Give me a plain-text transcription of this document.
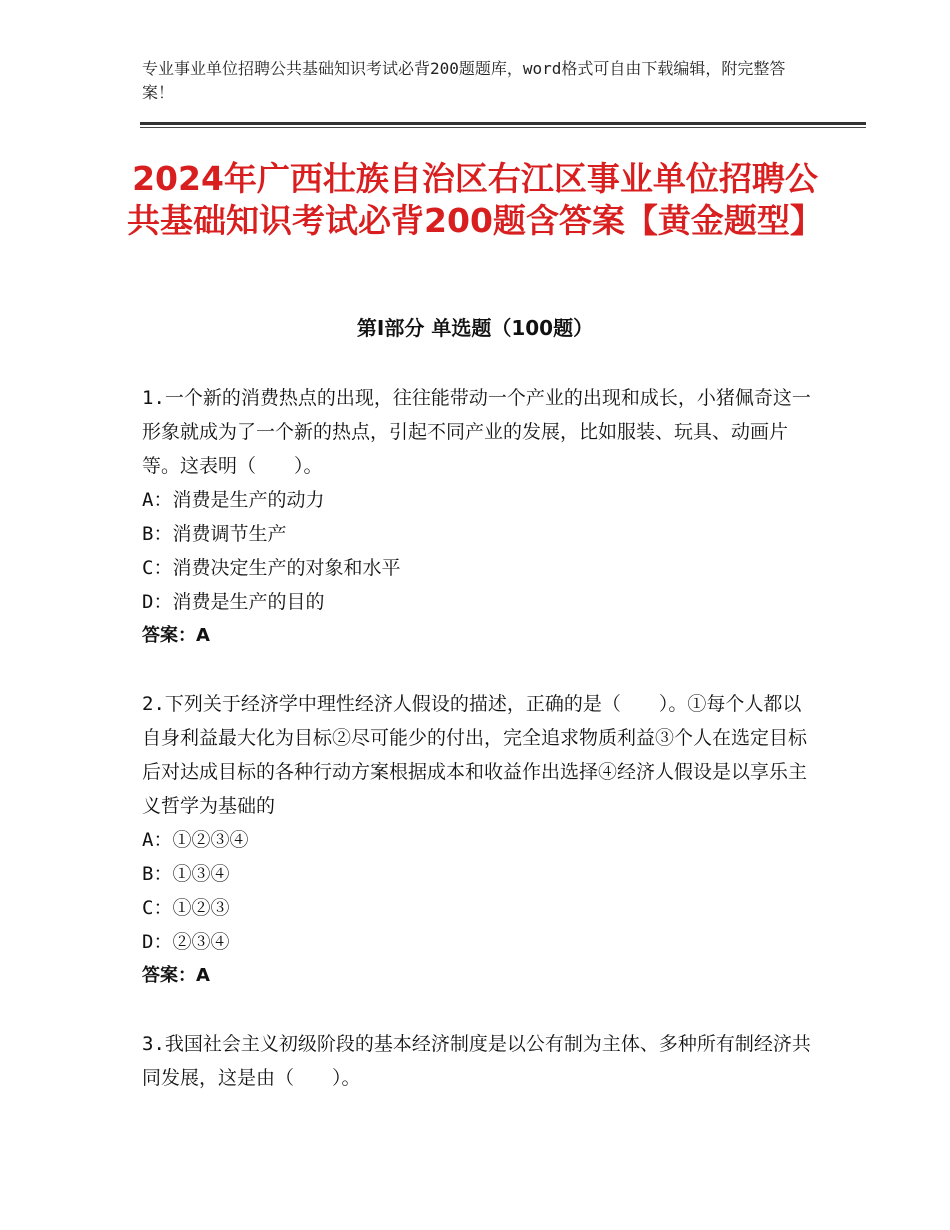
专业事业单位招聘公共基础知识考试必背200题题库，word格式可自由下载编辑，附完整答案！
2024年广西壮族自治区右江区事业单位招聘公共基础知识考试必背200题含答案【黄金题型】
第Ⅰ部分 单选题（100题）

1.一个新的消费热点的出现，往往能带动一个产业的出现和成长，小猪佩奇这一形象就成为了一个新的热点，引起不同产业的发展，比如服装、玩具、动画片等。这表明（　　）。

A：消费是生产的动力

B：消费调节生产

C：消费决定生产的对象和水平

D：消费是生产的目的

答案：A

2.下列关于经济学中理性经济人假设的描述，正确的是（　　）。①每个人都以自身利益最大化为目标②尽可能少的付出，完全追求物质利益③个人在选定目标后对达成目标的各种行动方案根据成本和收益作出选择④经济人假设是以享乐主义哲学为基础的

A：①②③④

B：①③④

C：①②③

D：②③④

答案：A

3.我国社会主义初级阶段的基本经济制度是以公有制为主体、多种所有制经济共同发展，这是由（　　）。
